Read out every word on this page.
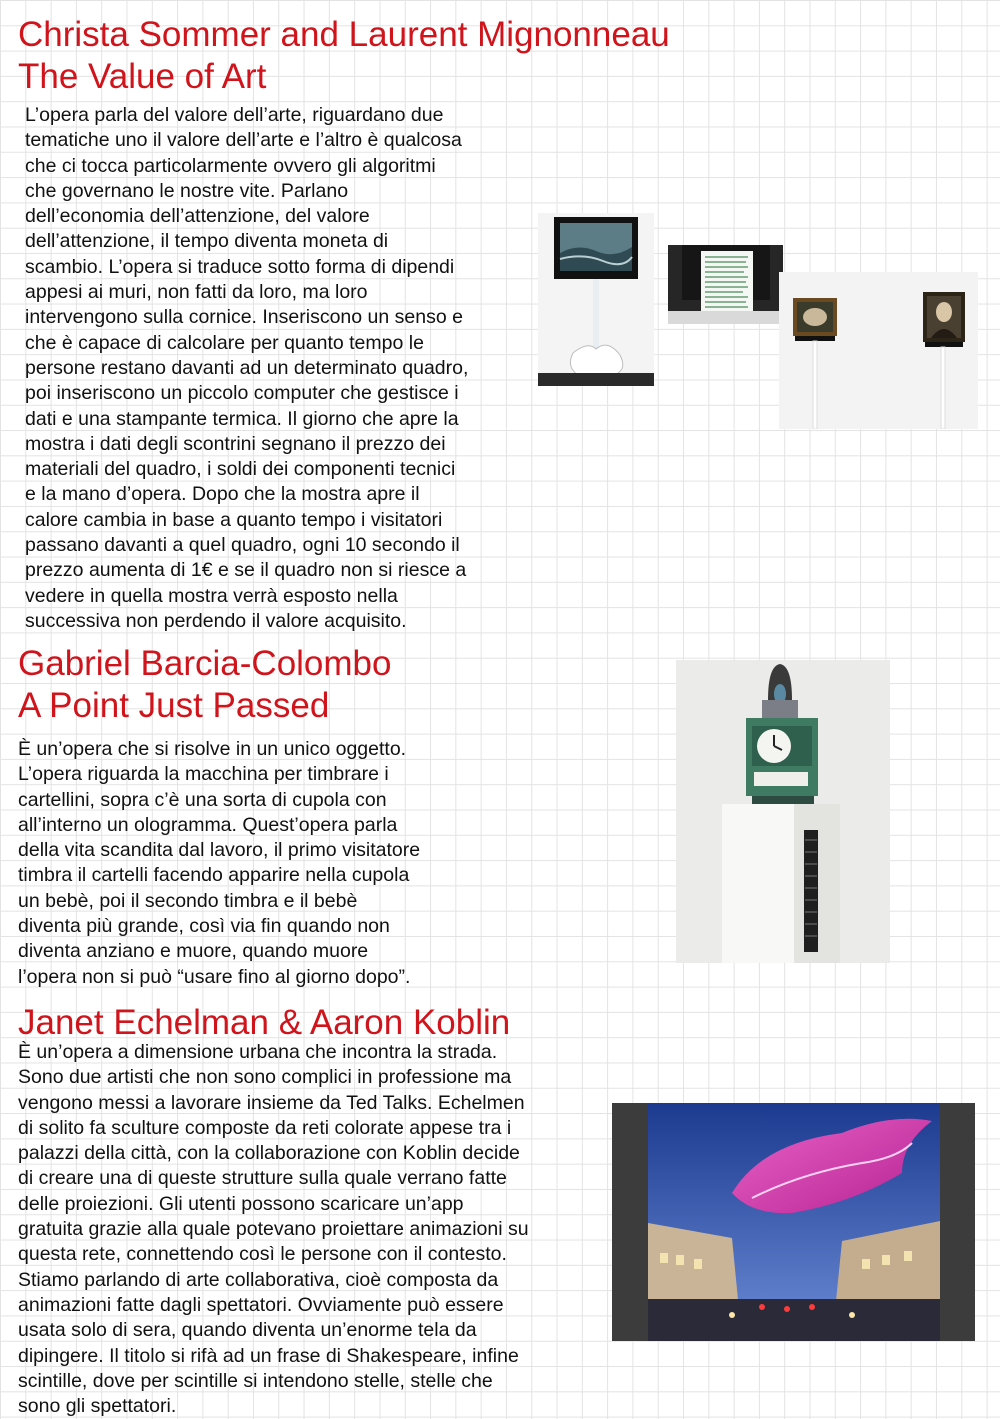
Christa Sommer and Laurent Mignonneau
The Value of Art
L’opera parla del valore dell’arte, riguardano due
tematiche uno il valore dell’arte e l’altro è qualcosa
che ci tocca particolarmente ovvero gli algoritmi
che governano le nostre vite. Parlano
dell’economia dell’attenzione, del valore
dell’attenzione, il tempo diventa moneta di
scambio. L’opera si traduce sotto forma di dipendi
appesi ai muri, non fatti da loro, ma loro
intervengono sulla cornice. Inseriscono un senso e
che è capace di calcolare per quanto tempo le
persone restano davanti ad un determinato quadro,
poi inseriscono un piccolo computer che gestisce i
dati e una stampante termica. Il giorno che apre la
mostra i dati degli scontrini segnano il prezzo dei
materiali del quadro, i soldi dei componenti tecnici
e la mano d’opera. Dopo che la mostra apre il
calore cambia in base a quanto tempo i visitatori
passano davanti a quel quadro, ogni 10 secondo il
prezzo aumenta di 1€ e se il quadro non si riesce a
vedere in quella mostra verrà esposto nella
successiva non perdendo il valore acquisito.
Gabriel Barcia-Colombo
A Point Just Passed
È un’opera che si risolve in un unico oggetto.
L’opera riguarda la macchina per timbrare i
cartellini, sopra c’è una sorta di cupola con
all’interno un ologramma. Quest’opera parla
della vita scandita dal lavoro, il primo visitatore
timbra il cartelli facendo apparire nella cupola
un bebè, poi il secondo timbra e il bebè
diventa più grande, così via fin quando non
diventa anziano e muore, quando muore
l’opera non si può “usare fino al giorno dopo”.
Janet Echelman & Aaron Koblin
È un’opera a dimensione urbana che incontra la strada.
Sono due artisti che non sono complici in professione ma
vengono messi a lavorare insieme da Ted Talks. Echelmen
di solito fa sculture composte da reti colorate appese tra i
palazzi della città, con la collaborazione con Koblin decide
di creare una di queste strutture sulla quale verrano fatte
delle proiezioni. Gli utenti possono scaricare un’app
gratuita grazie alla quale potevano proiettare animazioni su
questa rete, connettendo così le persone con il contesto.
Stiamo parlando di arte collaborativa, cioè composta da
animazioni fatte dagli spettatori. Ovviamente può essere
usata solo di sera, quando diventa un’enorme tela da
dipingere. Il titolo si rifà ad un frase di Shakespeare, infine
scintille, dove per scintille si intendono stelle, stelle che
sono gli spettatori.
